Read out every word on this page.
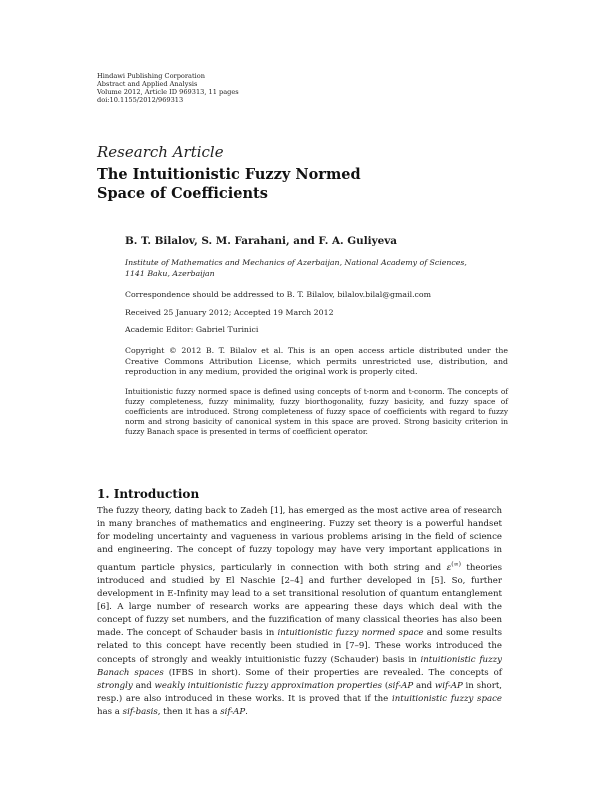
Hindawi Publishing Corporation
Abstract and Applied Analysis
Volume 2012, Article ID 969313, 11 pages
doi:10.1155/2012/969313
Research Article
The Intuitionistic Fuzzy Normed
Space of Coefficients
B. T. Bilalov, S. M. Farahani, and F. A. Guliyeva
Institute of Mathematics and Mechanics of Azerbaijan, National Academy of Sciences,
1141 Baku, Azerbaijan
Correspondence should be addressed to B. T. Bilalov, bilalov.bilal@gmail.com
Received 25 January 2012; Accepted 19 March 2012
Academic Editor: Gabriel Turinici
Copyright © 2012 B. T. Bilalov et al. This is an open access article distributed under the Creative Commons Attribution License, which permits unrestricted use, distribution, and reproduction in any medium, provided the original work is properly cited.
Intuitionistic fuzzy normed space is defined using concepts of t-norm and t-conorm. The concepts of fuzzy completeness, fuzzy minimality, fuzzy biorthogonality, fuzzy basicity, and fuzzy space of coefficients are introduced. Strong completeness of fuzzy space of coefficients with regard to fuzzy norm and strong basicity of canonical system in this space are proved. Strong basicity criterion in fuzzy Banach space is presented in terms of coefficient operator.
1. Introduction
The fuzzy theory, dating back to Zadeh [1], has emerged as the most active area of research in many branches of mathematics and engineering. Fuzzy set theory is a powerful handset for modeling uncertainty and vagueness in various problems arising in the field of science and engineering. The concept of fuzzy topology may have very important applications in quantum particle physics, particularly in connection with both string and ε(∞) theories introduced and studied by El Naschie [2–4] and further developed in [5]. So, further development in E-Infinity may lead to a set transitional resolution of quantum entanglement [6]. A large number of research works are appearing these days which deal with the concept of fuzzy set numbers, and the fuzzification of many classical theories has also been made. The concept of Schauder basis in intuitionistic fuzzy normed space and some results related to this concept have recently been studied in [7–9]. These works introduced the concepts of strongly and weakly intuitionistic fuzzy (Schauder) basis in intuitionistic fuzzy Banach spaces (IFBS in short). Some of their properties are revealed. The concepts of strongly and weakly intuitionistic fuzzy approximation properties (sif-AP and wif-AP in short, resp.) are also introduced in these works. It is proved that if the intuitionistic fuzzy space has a sif-basis, then it has a sif-AP.
